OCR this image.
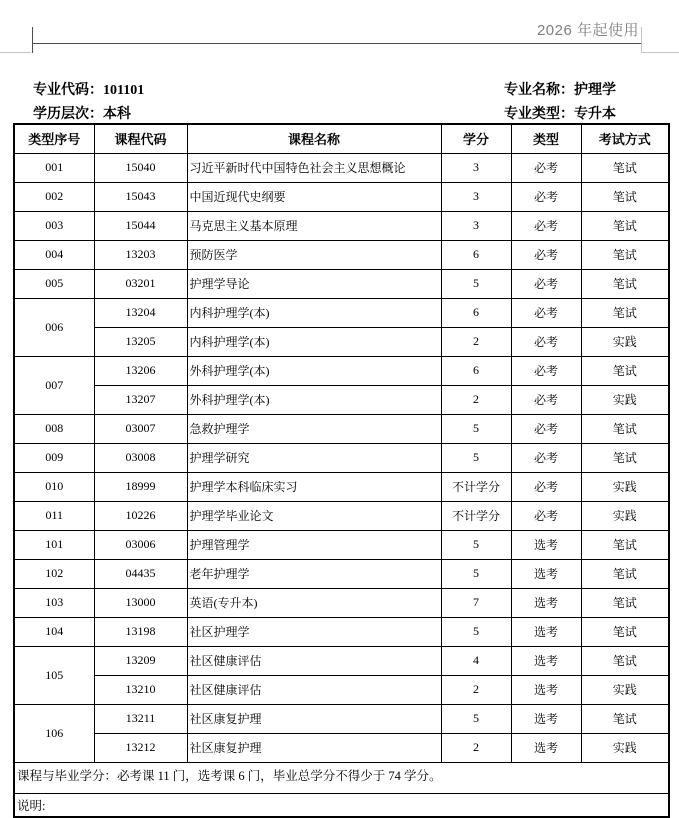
2026 年起使用
专业代码：101101	专业名称：护理学
学历层次：本科	专业类型：专升本
类型序号	课程代码	课程名称	学分	类型	考试方式
001	15040	习近平新时代中国特色社会主义思想概论	3	必考	笔试
002	15043	中国近现代史纲要	3	必考	笔试
003	15044	马克思主义基本原理	3	必考	笔试
004	13203	预防医学	6	必考	笔试
005	03201	护理学导论	5	必考	笔试
006	13204	内科护理学(本)	6	必考	笔试
	13205	内科护理学(本)	2	必考	实践
007	13206	外科护理学(本)	6	必考	笔试
	13207	外科护理学(本)	2	必考	实践
008	03007	急救护理学	5	必考	笔试
009	03008	护理学研究	5	必考	笔试
010	18999	护理学本科临床实习	不计学分	必考	实践
011	10226	护理学毕业论文	不计学分	必考	实践
101	03006	护理管理学	5	选考	笔试
102	04435	老年护理学	5	选考	笔试
103	13000	英语(专升本)	7	选考	笔试
104	13198	社区护理学	5	选考	笔试
105	13209	社区健康评估	4	选考	笔试
	13210	社区健康评估	2	选考	实践
106	13211	社区康复护理	5	选考	笔试
	13212	社区康复护理	2	选考	实践
课程与毕业学分：必考课 11 门，选考课 6 门，毕业总学分不得少于 74 学分。					
说明:					
